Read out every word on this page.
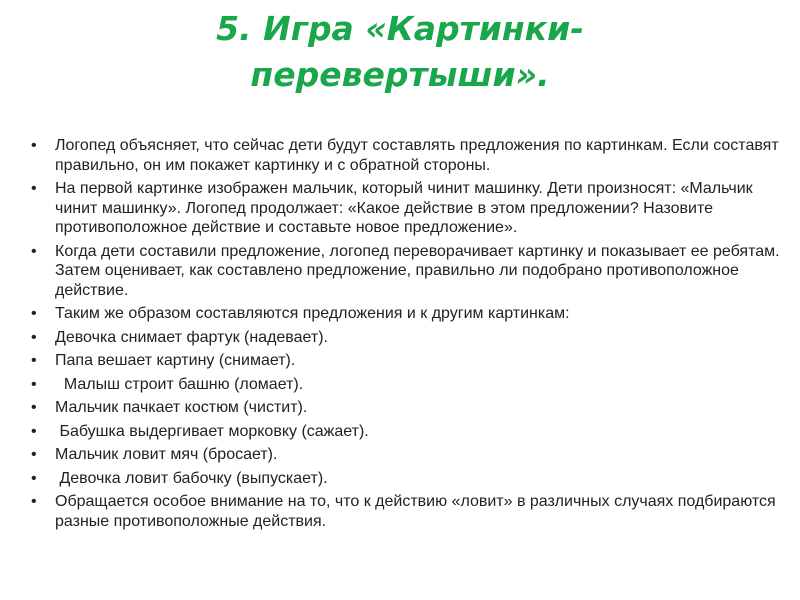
5. Игра «Картинки-
перевертыши».
• Логопед объясняет, что сейчас дети будут составлять предложения по картинкам. Если составят правильно, он им покажет картинку и с обратной стороны.
• На первой картинке изображен мальчик, который чинит машинку. Дети произносят: «Мальчик чинит машинку». Логопед продолжает: «Какое действие в этом предложении? Назовите противоположное действие и составьте новое предложение».
• Когда дети составили предложение, логопед переворачивает картинку и показывает ее ребятам. Затем оценивает, как составлено предложение, правильно ли подобрано противоположное действие.
• Таким же образом составляются предложения и к другим картинкам:
• Девочка снимает фартук (надевает).
• Папа вешает картину (снимает).
• Малыш строит башню (ломает).
• Мальчик пачкает костюм (чистит).
• Бабушка выдергивает морковку (сажает).
• Мальчик ловит мяч (бросает).
• Девочка ловит бабочку (выпускает).
• Обращается особое внимание на то, что к действию «ловит» в различных случаях подбираются разные противоположные действия.
